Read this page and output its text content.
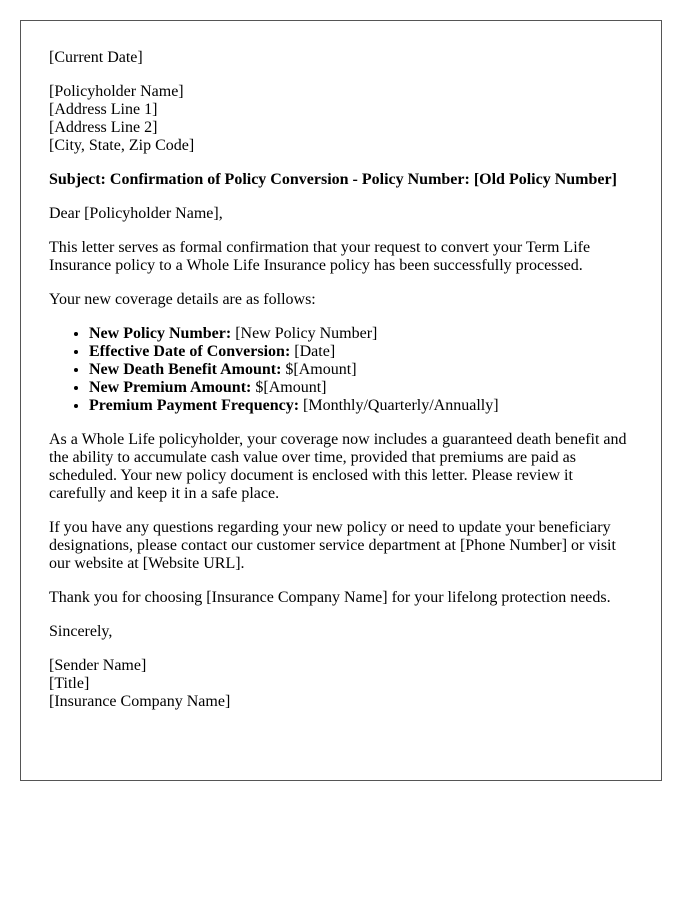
[Current Date]
[Policyholder Name]
[Address Line 1]
[Address Line 2]
[City, State, Zip Code]
Subject: Confirmation of Policy Conversion - Policy Number: [Old Policy Number]
Dear [Policyholder Name],
This letter serves as formal confirmation that your request to convert your Term Life Insurance policy to a Whole Life Insurance policy has been successfully processed.
Your new coverage details are as follows:
• New Policy Number: [New Policy Number]
• Effective Date of Conversion: [Date]
• New Death Benefit Amount: $[Amount]
• New Premium Amount: $[Amount]
• Premium Payment Frequency: [Monthly/Quarterly/Annually]
As a Whole Life policyholder, your coverage now includes a guaranteed death benefit and the ability to accumulate cash value over time, provided that premiums are paid as scheduled. Your new policy document is enclosed with this letter. Please review it carefully and keep it in a safe place.
If you have any questions regarding your new policy or need to update your beneficiary designations, please contact our customer service department at [Phone Number] or visit our website at [Website URL].
Thank you for choosing [Insurance Company Name] for your lifelong protection needs.
Sincerely,
[Sender Name]
[Title]
[Insurance Company Name]
